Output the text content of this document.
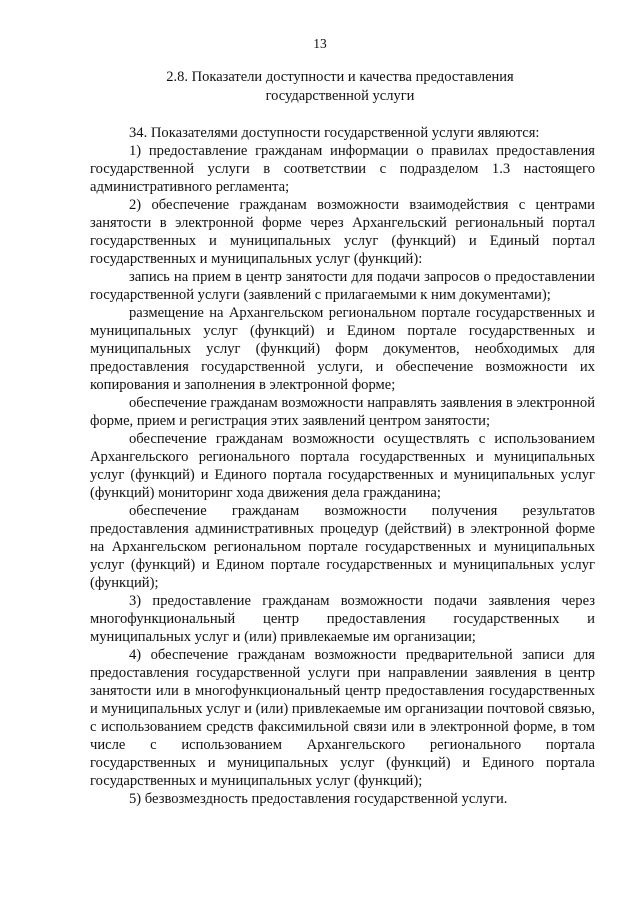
13
2.8. Показатели доступности и качества предоставления
государственной услуги

34. Показателями доступности государственной услуги являются:

1) предоставление гражданам информации о правилах предоставления государственной услуги в соответствии с подразделом 1.3 настоящего административного регламента;

2) обеспечение гражданам возможности взаимодействия с центрами занятости в электронной форме через Архангельский региональный портал государственных и муниципальных услуг (функций) и Единый портал государственных и муниципальных услуг (функций):

запись на прием в центр занятости для подачи запросов о предоставлении государственной услуги (заявлений с прилагаемыми к ним документами);

размещение на Архангельском региональном портале государственных и муниципальных услуг (функций) и Едином портале государственных и муниципальных услуг (функций) форм документов, необходимых для предоставления государственной услуги, и обеспечение возможности их копирования и заполнения в электронной форме;

обеспечение гражданам возможности направлять заявления в электронной форме, прием и регистрация этих заявлений центром занятости;

обеспечение гражданам возможности осуществлять с использованием Архангельского регионального портала государственных и муниципальных услуг (функций) и Единого портала государственных и муниципальных услуг (функций) мониторинг хода движения дела гражданина;

обеспечение гражданам возможности получения результатов предоставления административных процедур (действий) в электронной форме на Архангельском региональном портале государственных и муниципальных услуг (функций) и Едином портале государственных и муниципальных услуг (функций);

3) предоставление гражданам возможности подачи заявления через многофункциональный центр предоставления государственных и муниципальных услуг и (или) привлекаемые им организации;

4) обеспечение гражданам возможности предварительной записи для предоставления государственной услуги при направлении заявления в центр занятости или в многофункциональный центр предоставления государственных и муниципальных услуг и (или) привлекаемые им организации почтовой связью, с использованием средств факсимильной связи или в электронной форме, в том числе с использованием Архангельского регионального портала государственных и муниципальных услуг (функций) и Единого портала государственных и муниципальных услуг (функций);

5) безвозмездность предоставления государственной услуги.
